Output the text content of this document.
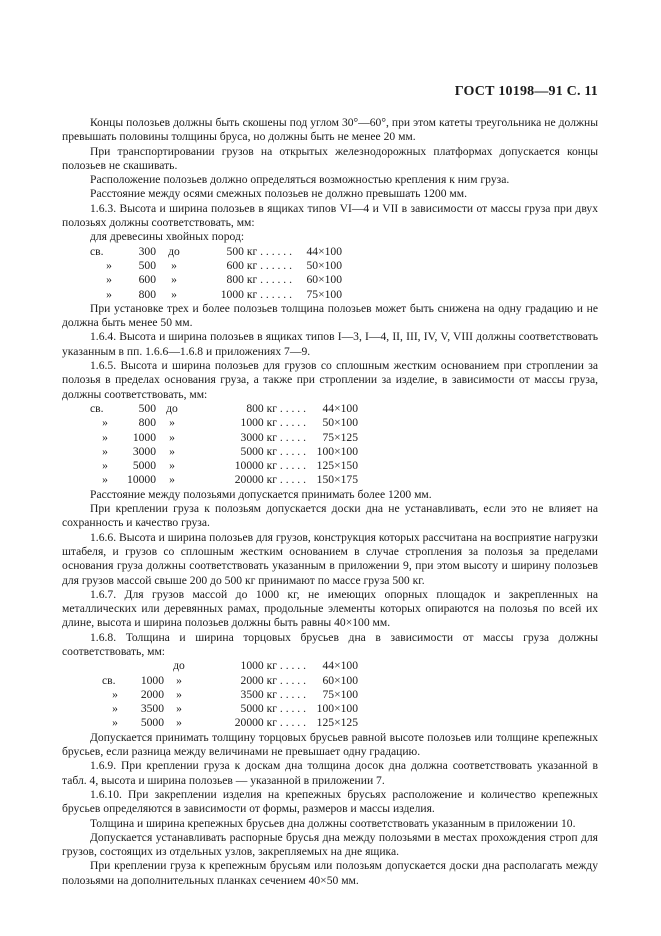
ГОСТ 10198—91 С. 11

Концы полозьев должны быть скошены под углом 30°—60°, при этом катеты треугольника не должны превышать половины толщины бруса, но должны быть не менее 20 мм.

При транспортировании грузов на открытых железнодорожных платформах допускается концы полозьев не скашивать.

Расположение полозьев должно определяться возможностью крепления к ним груза.

Расстояние между осями смежных полозьев не должно превышать 1200 мм.

1.6.3. Высота и ширина полозьев в ящиках типов VI—4 и VII в зависимости от массы груза при двух полозьях должны соответствовать, мм:

для древесины хвойных пород:

св.	300	до	500 кг . . . . . .	44×100
»	500	»	600 кг . . . . . .	50×100
»	600	»	800 кг . . . . . .	60×100
»	800	»	1000 кг . . . . . .	75×100

При установке трех и более полозьев толщина полозьев может быть снижена на одну градацию и не должна быть менее 50 мм.

1.6.4. Высота и ширина полозьев в ящиках типов I—3, I—4, II, III, IV, V, VIII должны соответствовать указанным в пп. 1.6.6—1.6.8 и приложениях 7—9.

1.6.5. Высота и ширина полозьев для грузов со сплошным жестким основанием при строплении за полозья в пределах основания груза, а также при строплении за изделие, в зависимости от массы груза, должны соответствовать, мм:

св.	500	до	800 кг . . . . .	44×100
»	800	»	1000 кг . . . . .	50×100
»	1000	»	3000 кг . . . . .	75×125
»	3000	»	5000 кг . . . . .	100×100
»	5000	»	10000 кг . . . . .	125×150
»	10000	»	20000 кг . . . . .	150×175

Расстояние между полозьями допускается принимать более 1200 мм.

При креплении груза к полозьям допускается доски дна не устанавливать, если это не влияет на сохранность и качество груза.

1.6.6. Высота и ширина полозьев для грузов, конструкция которых рассчитана на восприятие нагрузки штабеля, и грузов со сплошным жестким основанием в случае стропления за полозья за пределами основания груза должны соответствовать указанным в приложении 9, при этом высоту и ширину полозьев для грузов массой свыше 200 до 500 кг принимают по массе груза 500 кг.

1.6.7. Для грузов массой до 1000 кг, не имеющих опорных площадок и закрепленных на металлических или деревянных рамах, продольные элементы которых опираются на полозья по всей их длине, высота и ширина полозьев должны быть равны 40×100 мм.

1.6.8. Толщина и ширина торцовых брусьев дна в зависимости от массы груза должны соответствовать, мм:

		до	1000 кг . . . . .	44×100
св.	1000	»	2000 кг . . . . .	60×100
»	2000	»	3500 кг . . . . .	75×100
»	3500	»	5000 кг . . . . .	100×100
»	5000	»	20000 кг . . . . .	125×125

Допускается принимать толщину торцовых брусьев равной высоте полозьев или толщине крепежных брусьев, если разница между величинами не превышает одну градацию.

1.6.9. При креплении груза к доскам дна толщина досок дна должна соответствовать указанной в табл. 4, высота и ширина полозьев — указанной в приложении 7.

1.6.10. При закреплении изделия на крепежных брусьях расположение и количество крепежных брусьев определяются в зависимости от формы, размеров и массы изделия.

Толщина и ширина крепежных брусьев дна должны соответствовать указанным в приложении 10.

Допускается устанавливать распорные брусья дна между полозьями в местах прохождения строп для грузов, состоящих из отдельных узлов, закрепляемых на дне ящика.

При креплении груза к крепежным брусьям или полозьям допускается доски дна располагать между полозьями на дополнительных планках сечением 40×50 мм.
